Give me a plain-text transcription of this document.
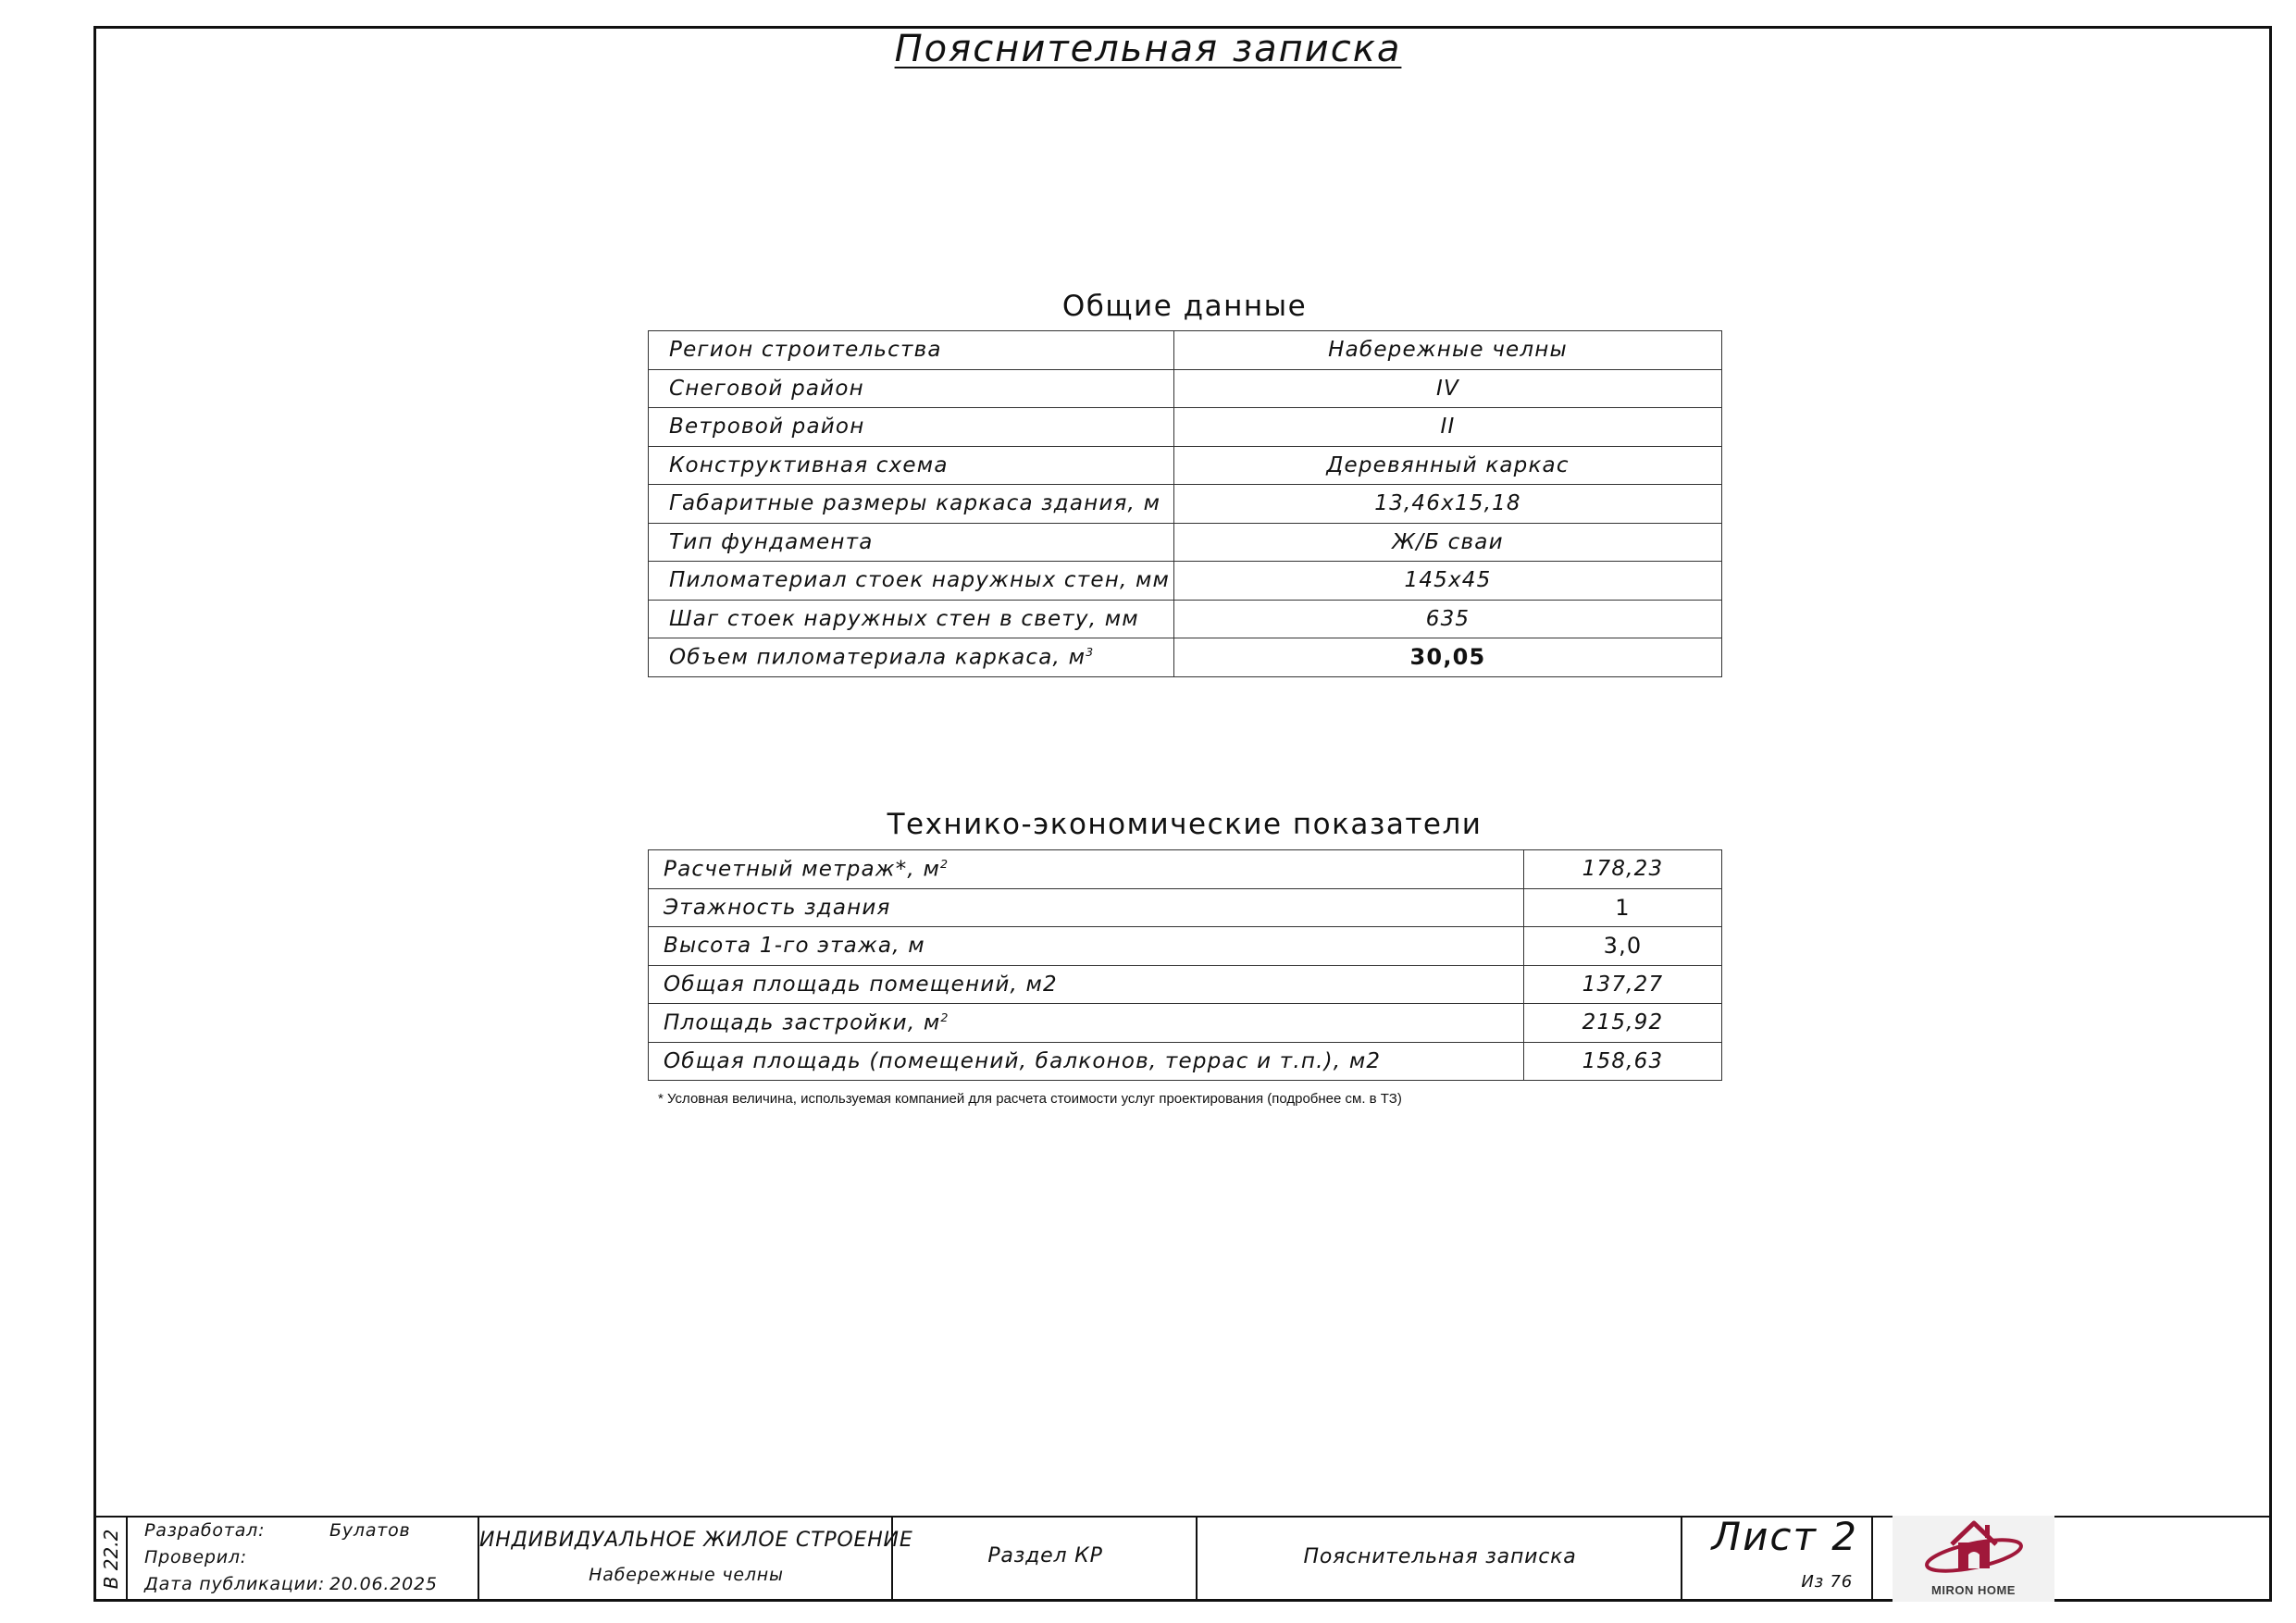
Пояснительная записка
Общие данные
Регион строительства	Набережные челны
Снеговой район	IV
Ветровой район	II
Конструктивная схема	Деревянный каркас
Габаритные размеры каркаса здания, м	13,46x15,18
Тип фундамента	Ж/Б сваи
Пиломатериал стоек наружных стен, мм	145x45
Шаг стоек наружных стен в свету, мм	635
Объем пиломатериала каркаса, $м^3$	30,05
Технико-экономические показатели
Расчетный метраж*, $м^2$	178,23
Этажность здания	1
Высота 1-го этажа, м	3,0
Общая площадь помещений, м2	137,27
Площадь застройки, $м^2$	215,92
Общая площадь (помещений, балконов, террас и т.п.), м2	158,63
* Условная величина, используемая компанией для расчета стоимости услуг проектирования (подробнее см. в ТЗ)
В 22.2 Разработал:	Булатов
Проверил:
Дата публикации: 20.06.2025
ИНДИВИДУАЛЬНОЕ ЖИЛОЕ СТРОЕНИЕ
Набережные челны
Раздел КР	Пояснительная записка	Лист 2
Из 76	MIRON HOME
